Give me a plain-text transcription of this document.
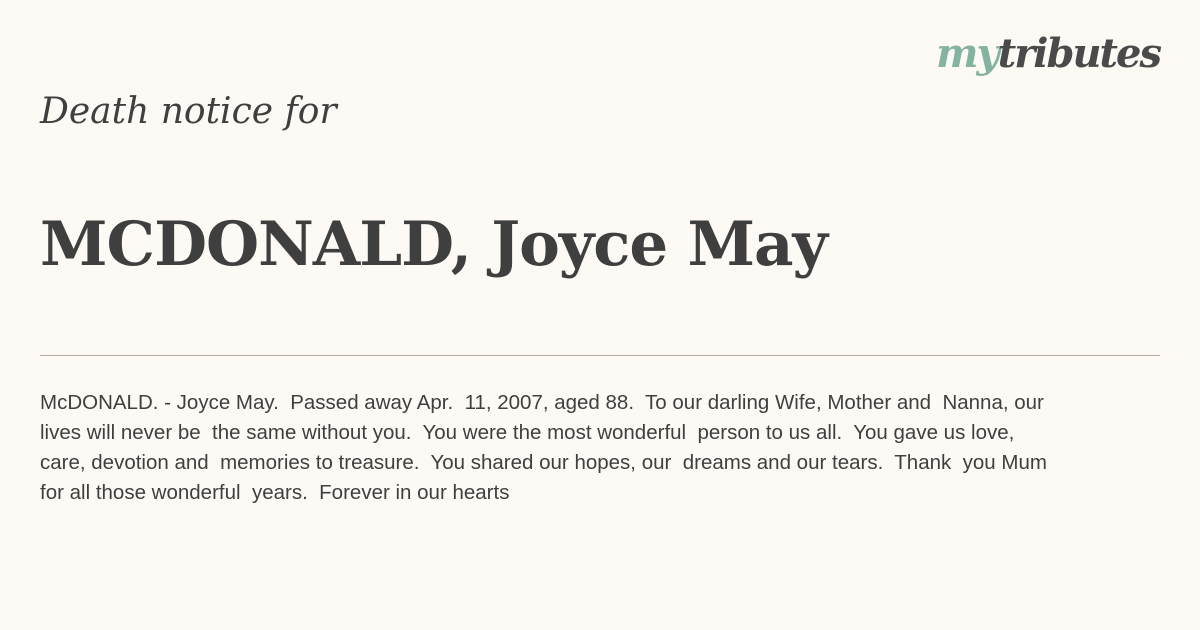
mytributes
Death notice for
MCDONALD, Joyce May

McDONALD. - Joyce May.  Passed away Apr.  11, 2007, aged 88.  To our darling Wife, Mother and  Nanna, our
lives will never be  the same without you.  You were the most wonderful  person to us all.  You gave us love,
care, devotion and  memories to treasure.  You shared our hopes, our  dreams and our tears.  Thank  you Mum
for all those wonderful  years.  Forever in our hearts
